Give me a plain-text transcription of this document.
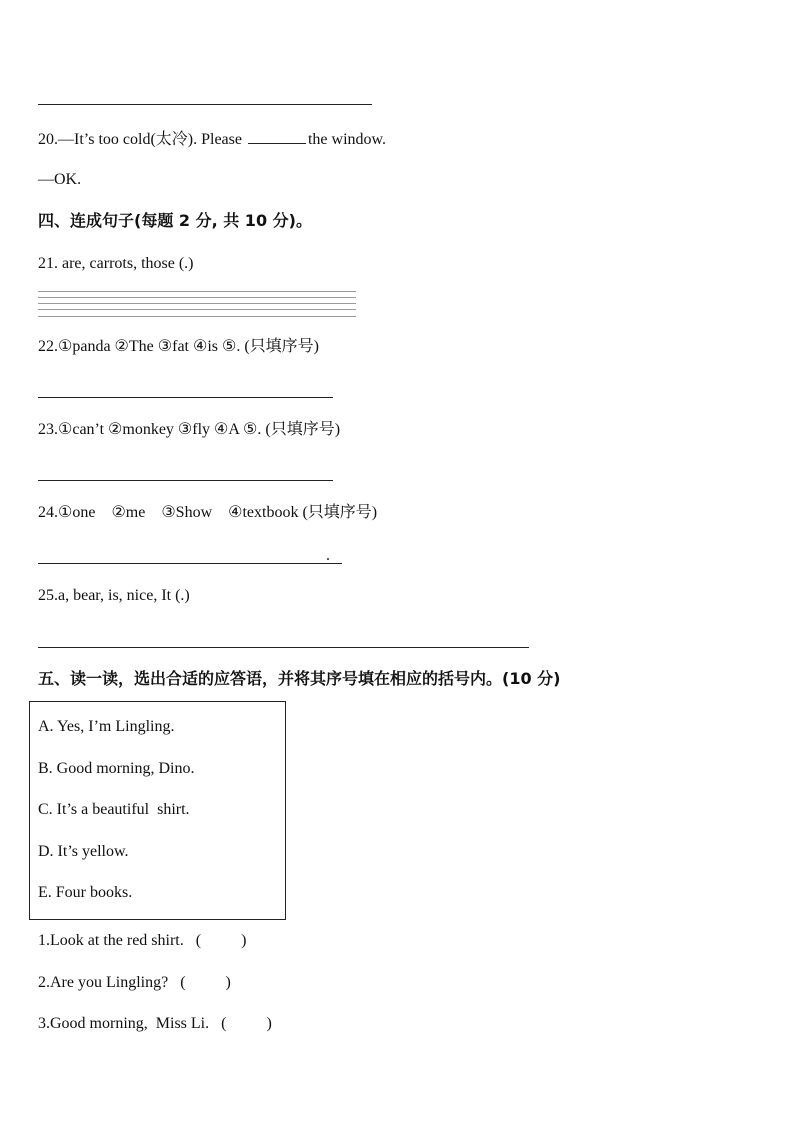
20.—It’s too cold(太冷). Please	the window.
—OK.
四、连成句子(每题 2 分, 共 10 分)。
21. are, carrots, those (.)
22.①panda ②The ③fat ④is ⑤. (只填序号)
23.①can’t ②monkey ③fly ④A ⑤. (只填序号)
24.①one    ②me    ③Show    ④textbook (只填序号)
.
25.a, bear, is, nice, It (.)
五、读一读，选出合适的应答语，并将其序号填在相应的括号内。(10 分)
A. Yes, I’m Lingling.
B. Good morning, Dino.
C. It’s a beautiful  shirt.
D. It’s yellow.
E. Four books.
1.Look at the red shirt. (          )
2.Are you Lingling? (          )
3.Good morning,  Miss Li. (          )
